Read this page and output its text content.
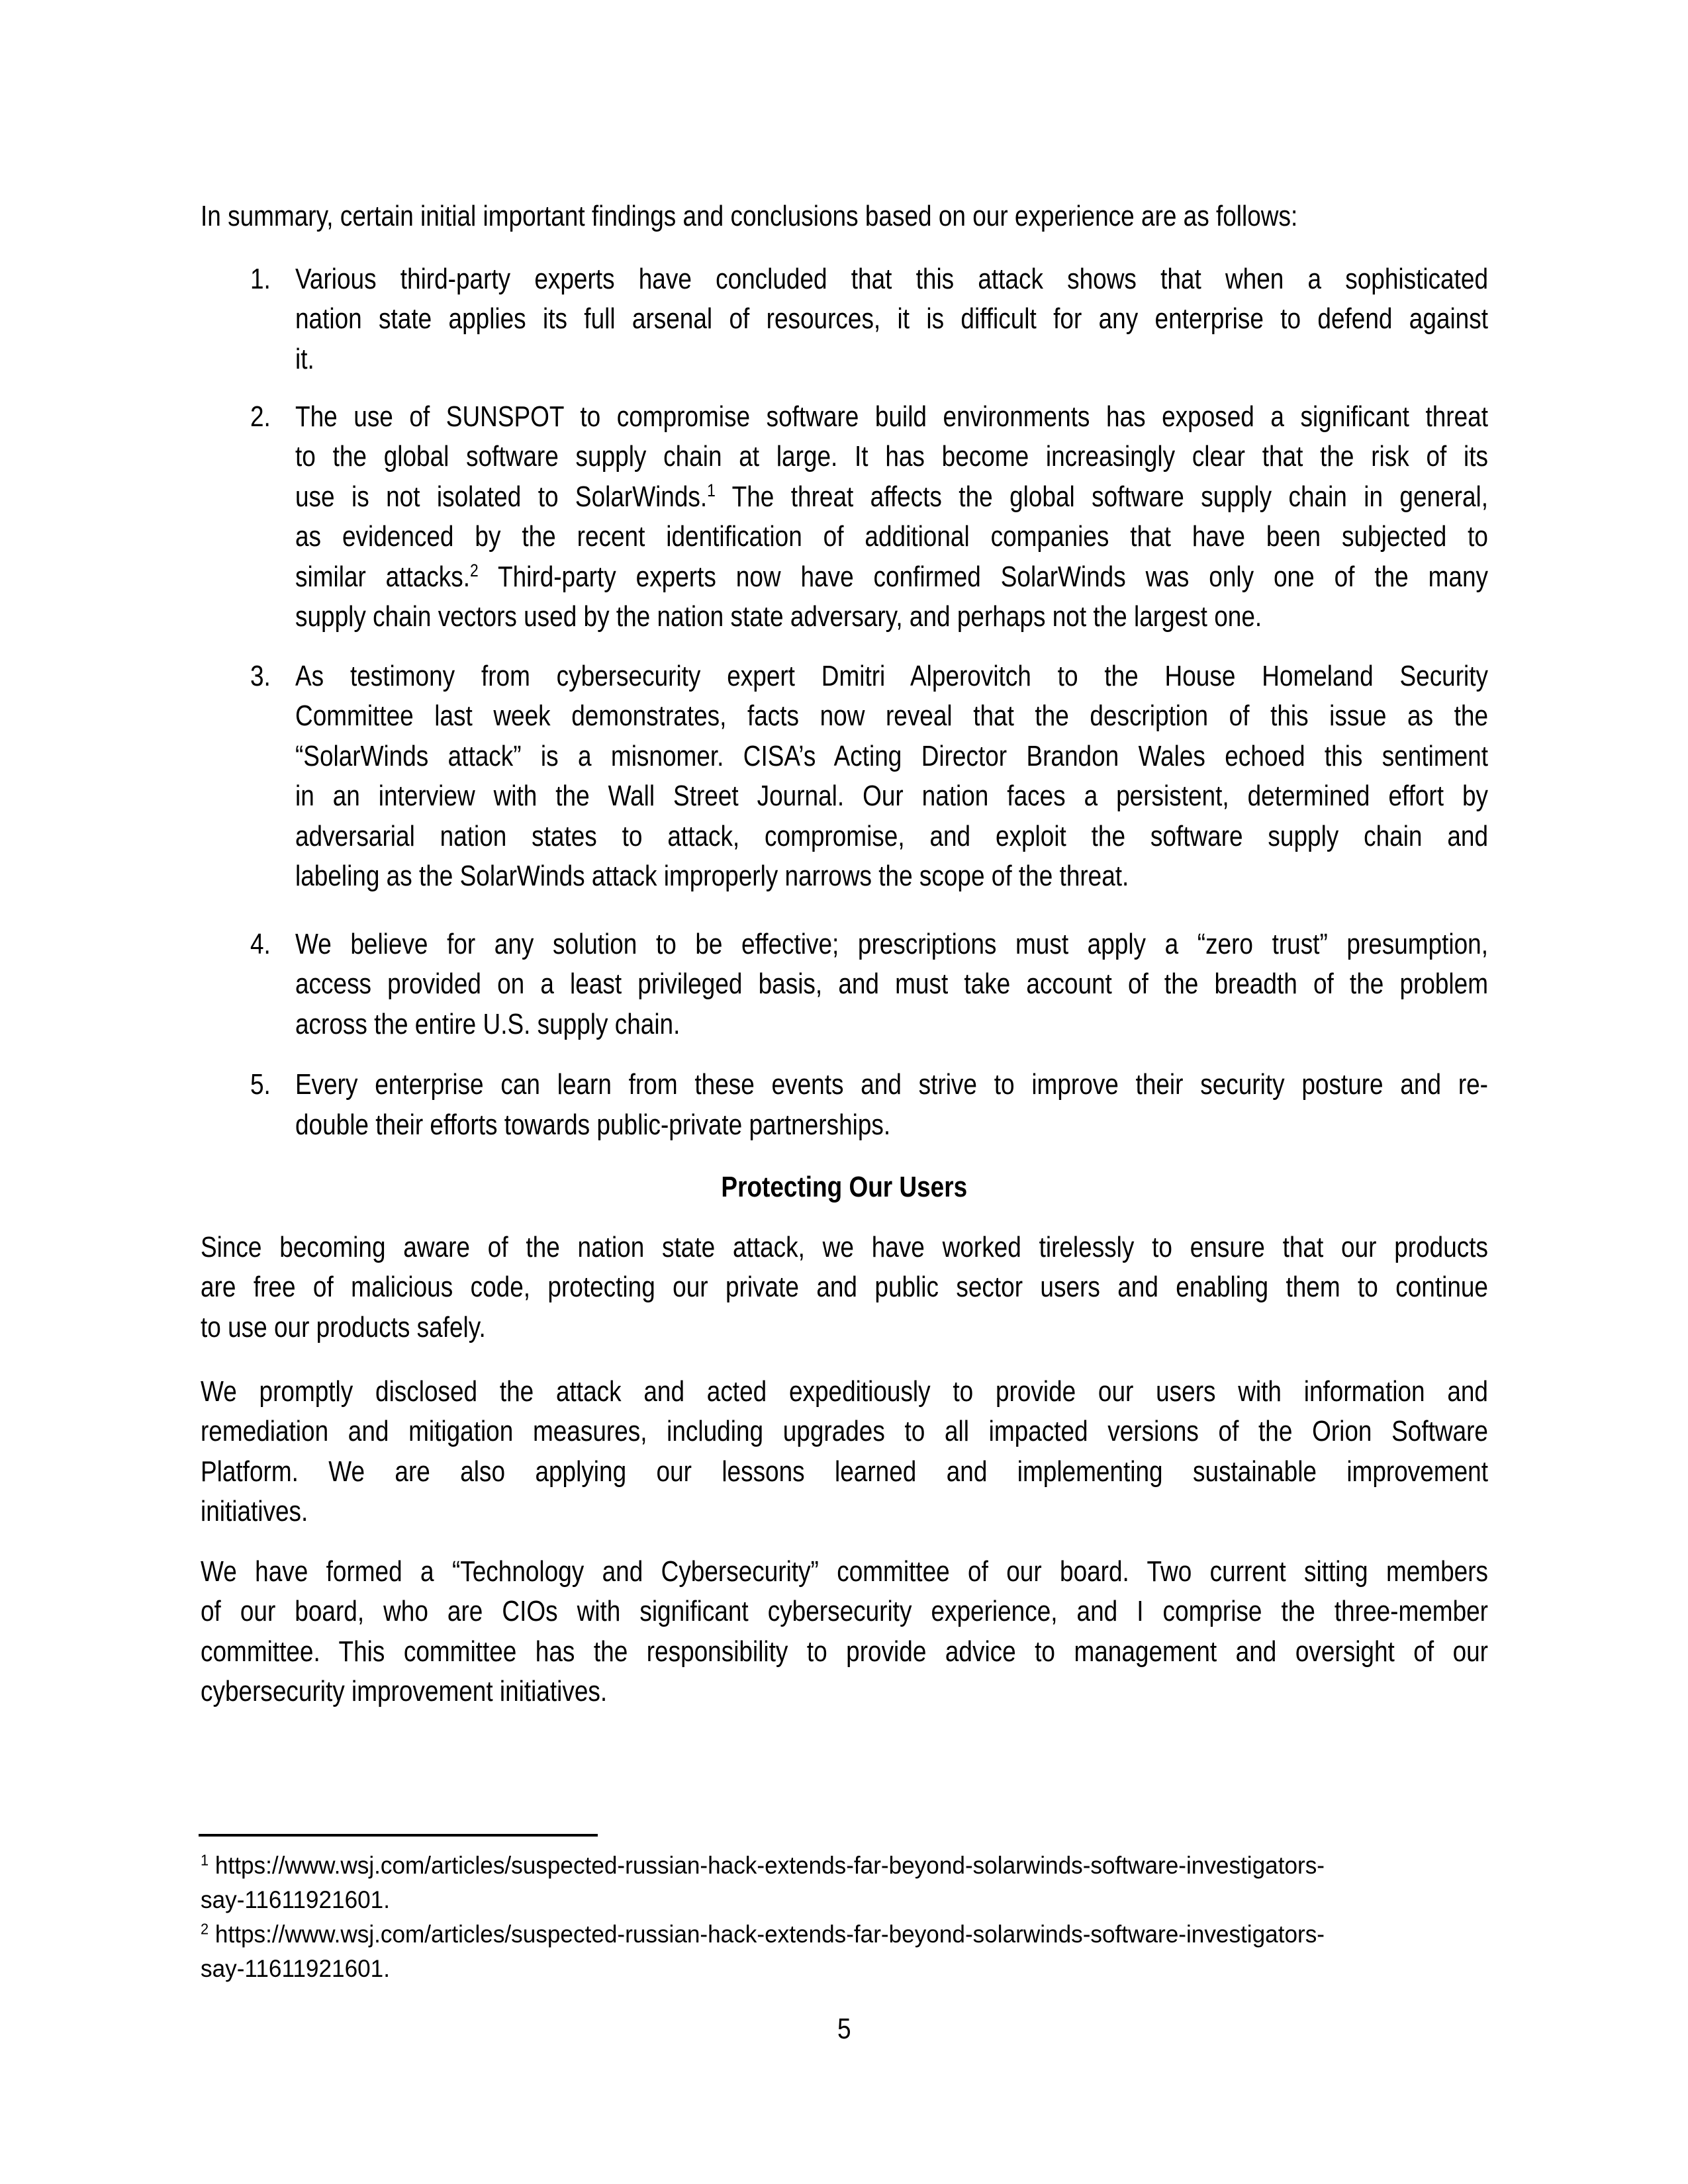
In summary, certain initial important findings and conclusions based on our experience are as follows:
1. Various third-party experts have concluded that this attack shows that when a sophisticated
nation state applies its full arsenal of resources, it is difficult for any enterprise to defend against
it.
2. The use of SUNSPOT to compromise software build environments has exposed a significant threat
to the global software supply chain at large. It has become increasingly clear that the risk of its
use is not isolated to SolarWinds.$^1$ The threat affects the global software supply chain in general,
as evidenced by the recent identification of additional companies that have been subjected to
similar attacks.$^2$ Third-party experts now have confirmed SolarWinds was only one of the many
supply chain vectors used by the nation state adversary, and perhaps not the largest one.
3. As testimony from cybersecurity expert Dmitri Alperovitch to the House Homeland Security
Committee last week demonstrates, facts now reveal that the description of this issue as the
“SolarWinds attack” is a misnomer. CISA’s Acting Director Brandon Wales echoed this sentiment
in an interview with the Wall Street Journal. Our nation faces a persistent, determined effort by
adversarial nation states to attack, compromise, and exploit the software supply chain and
labeling as the SolarWinds attack improperly narrows the scope of the threat.
4. We believe for any solution to be effective; prescriptions must apply a “zero trust” presumption,
access provided on a least privileged basis, and must take account of the breadth of the problem
across the entire U.S. supply chain.
5. Every enterprise can learn from these events and strive to improve their security posture and re-
double their efforts towards public-private partnerships.
Protecting Our Users
Since becoming aware of the nation state attack, we have worked tirelessly to ensure that our products
are free of malicious code, protecting our private and public sector users and enabling them to continue
to use our products safely.
We promptly disclosed the attack and acted expeditiously to provide our users with information and
remediation and mitigation measures, including upgrades to all impacted versions of the Orion Software
Platform. We are also applying our lessons learned and implementing sustainable improvement
initiatives.
We have formed a “Technology and Cybersecurity” committee of our board. Two current sitting members
of our board, who are CIOs with significant cybersecurity experience, and I comprise the three-member
committee. This committee has the responsibility to provide advice to management and oversight of our
cybersecurity improvement initiatives.
$^1$ https://www.wsj.com/articles/suspected-russian-hack-extends-far-beyond-solarwinds-software-investigators-
say-11611921601.
$^2$ https://www.wsj.com/articles/suspected-russian-hack-extends-far-beyond-solarwinds-software-investigators-
say-11611921601.
5
